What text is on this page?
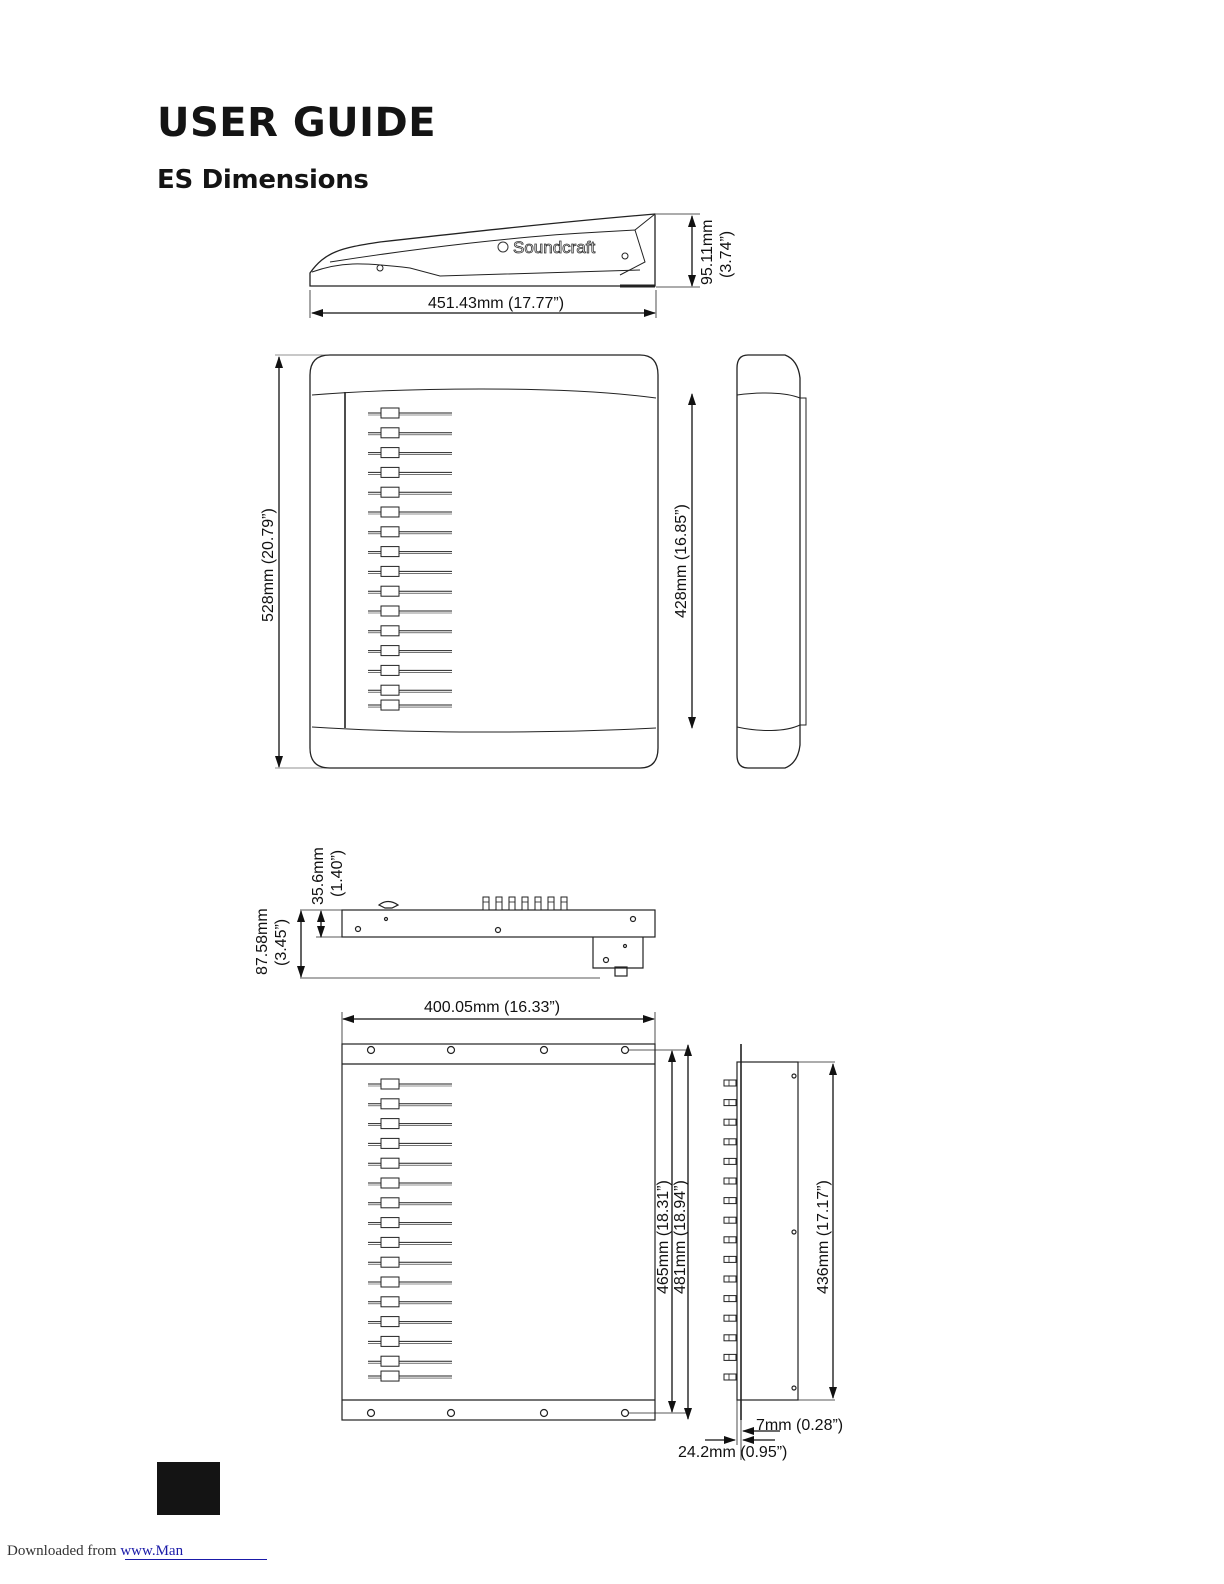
USER GUIDE
ES Dimensions
Soundcraft
451.43mm (17.77”)
95.11mm (3.74”)
528mm (20.79”)	428mm (16.85”)
35.6mm (1.40”)
87.58mm (3.45”)
400.05mm (16.33”)
465mm (18.31”) 481mm (18.94”)	436mm (17.17”)
7mm (0.28”)
24.2mm (0.95”)
Downloaded from www.Man
